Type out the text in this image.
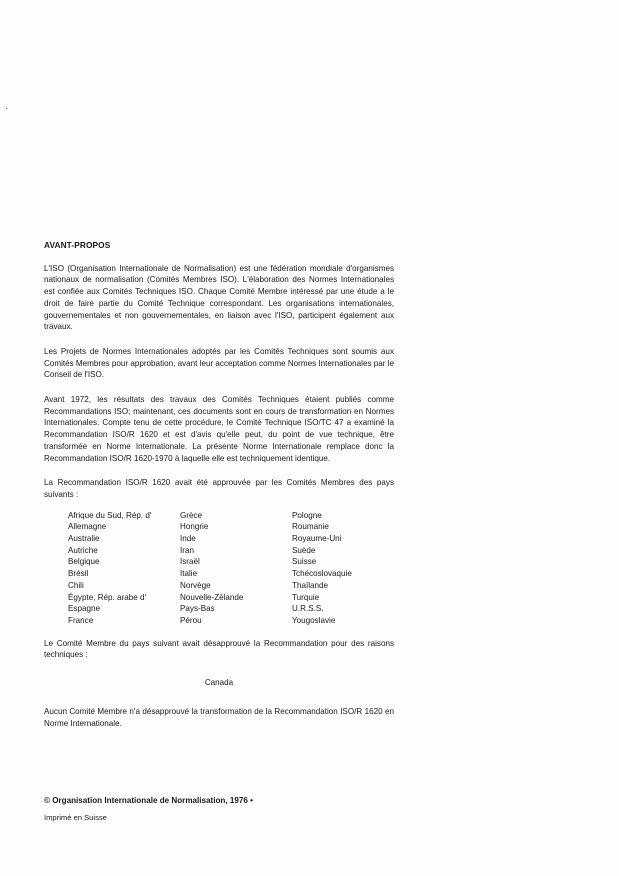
AVANT-PROPOS

L'ISO (Organisation Internationale de Normalisation) est une fédération mondiale d'organismes nationaux de normalisation (Comités Membres ISO). L'élaboration des Normes Internationales est confiée aux Comités Techniques ISO. Chaque Comité Membre intéressé par une étude a le droit de faire partie du Comité Technique correspondant. Les organisations internationales, gouvernementales et non gouvernementales, en liaison avec l'ISO, participent également aux travaux.

Les Projets de Normes Internationales adoptés par les Comités Techniques sont soumis aux Comités Membres pour approbation, avant leur acceptation comme Normes Internationales par le Conseil de l'ISO.

Avant 1972, les résultats des travaux des Comités Techniques étaient publiés comme Recommandations ISO; maintenant, ces documents sont en cours de transformation en Normes Internationales. Compte tenu de cette procédure, le Comité Technique ISO/TC 47 a examiné la Recommandation ISO/R 1620 et est d'avis qu'elle peut, du point de vue technique, être transformée en Norme Internationale. La présente Norme Internationale remplace donc la Recommandation ISO/R 1620-1970 à laquelle elle est techniquement identique.

La Recommandation ISO/R 1620 avait été approuvée par les Comités Membres des pays suivants :

Afrique du Sud, Rép. d'	Grèce	Pologne
Allemagne	Hongrie	Roumanie
Australie	Inde	Royaume-Uni
Autriche	Iran	Suède
Belgique	Israël	Suisse
Brésil	Italie	Tchécoslovaquie
Chili	Norvège	Thaïlande
Égypte, Rép. arabe d'	Nouvelle-Zélande	Turquie
Espagne	Pays-Bas	U.R.S.S.
France	Pérou	Yougoslavie

Le Comité Membre du pays suivant avait désapprouvé la Recommandation pour des raisons techniques :

Canada

Aucun Comité Membre n'a désapprouvé la transformation de la Recommandation ISO/R 1620 en Norme Internationale.

© Organisation Internationale de Normalisation, 1976 •
Imprimé en Suisse
